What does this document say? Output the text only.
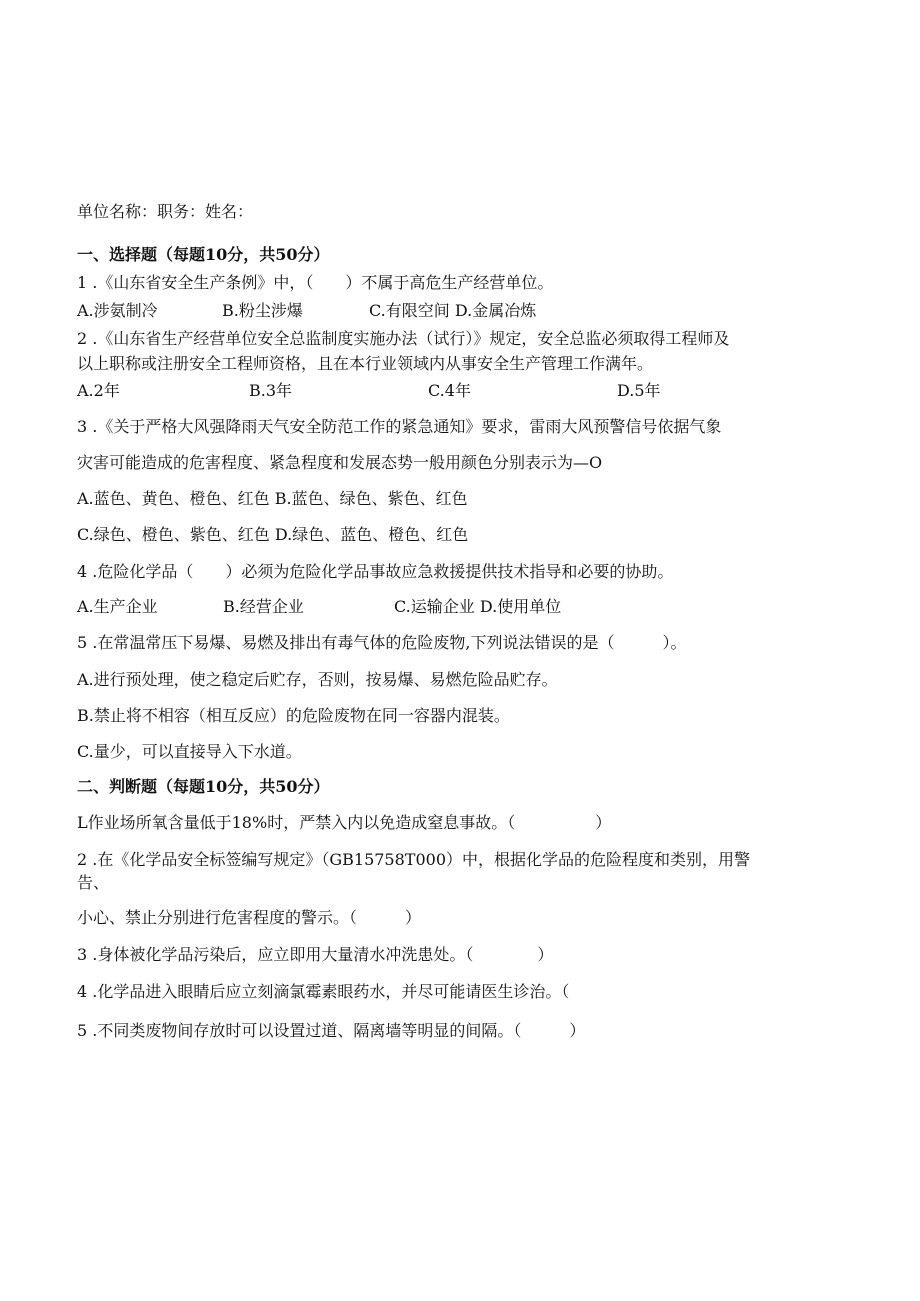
单位名称：职务：姓名：
一、选择题（每题10分，共50分）
1 .《山东省安全生产条例》中，（　　）不属于高危生产经营单位。
A.涉氨制冷	B.粉尘涉爆	C.有限空间 D.金属冶炼
2 .《山东省生产经营单位安全总监制度实施办法（试行）》规定，安全总监必须取得工程师及
以上职称或注册安全工程师资格，且在本行业领域内从事安全生产管理工作满年。
A.2年	B.3年	C.4年	D.5年
3 .《关于严格大风强降雨天气安全防范工作的紧急通知》要求，雷雨大风预警信号依据气象
灾害可能造成的危害程度、紧急程度和发展态势一般用颜色分别表示为—O
A.蓝色、黄色、橙色、红色 B.蓝色、绿色、紫色、红色
C.绿色、橙色、紫色、红色 D.绿色、蓝色、橙色、红色
4 .危险化学品（　　）必须为危险化学品事故应急救援提供技术指导和必要的协助。
A.生产企业	B.经营企业	C.运输企业 D.使用单位
5 .在常温常压下易爆、易燃及排出有毒气体的危险废物,下列说法错误的是（　　　）。
A.进行预处理，使之稳定后贮存，否则，按易爆、易燃危险品贮存。
B.禁止将不相容（相互反应）的危险废物在同一容器内混装。
C.量少，可以直接导入下水道。
二、判断题（每题10分，共50分）
L作业场所氧含量低于18%时，严禁入内以免造成窒息事故。（　　　　　）
2 .在《化学品安全标签编写规定》（GB15758T000）中，根据化学品的危险程度和类别，用警
告、
小心、禁止分别进行危害程度的警示。（　　　）
3 .身体被化学品污染后，应立即用大量清水冲洗患处。（　　　　）
4 .化学品进入眼睛后应立刻滴氯霉素眼药水，并尽可能请医生诊治。（
5 .不同类废物间存放时可以设置过道、隔离墙等明显的间隔。（　　　）
